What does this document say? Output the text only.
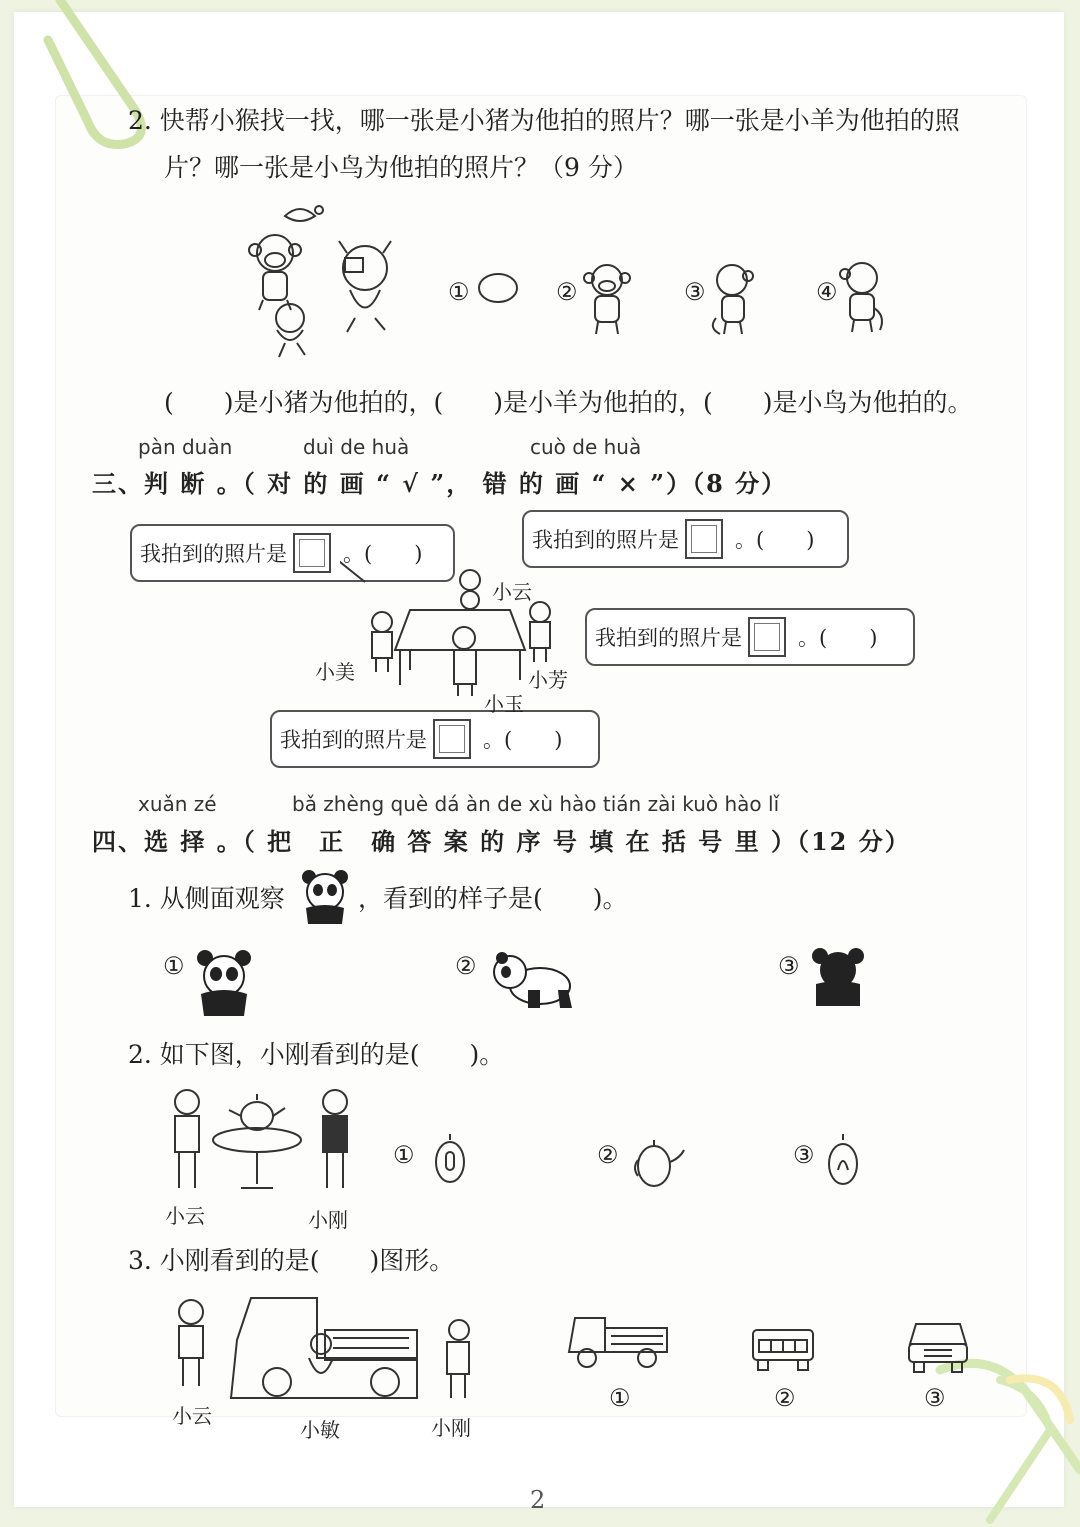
2. 快帮小猴找一找，哪一张是小猪为他拍的照片？哪一张是小羊为他拍的照
片？哪一张是小鸟为他拍的照片？（9 分）
①	②	③	④
(　　)是小猪为他拍的，(　　)是小羊为他拍的，(　　)是小鸟为他拍的。
pàn duàn	duì de huà	cuò de huà
三、判 断 。（ 对 的 画 “ √ ”， 错 的 画 “ × ”）（8 分）
我拍到的照片是	。(　　)
我拍到的照片是	。(　　)
我拍到的照片是	。(　　)
我拍到的照片是	。(　　)
小云
小美	小芳
小玉
xuǎn zé	bǎ zhèng què dá àn de xù hào tián zài kuò hào lǐ
四、选 择 。（ 把　正　确 答 案 的 序 号 填 在 括 号 里 ）（12 分）
1. 从侧面观察	，看到的样子是(　　)。
①	②	③
2. 如下图，小刚看到的是(　　)。
小云	小刚
①	②	③
3. 小刚看到的是(　　)图形。
小云
小敏	小刚
①	②	③
2
